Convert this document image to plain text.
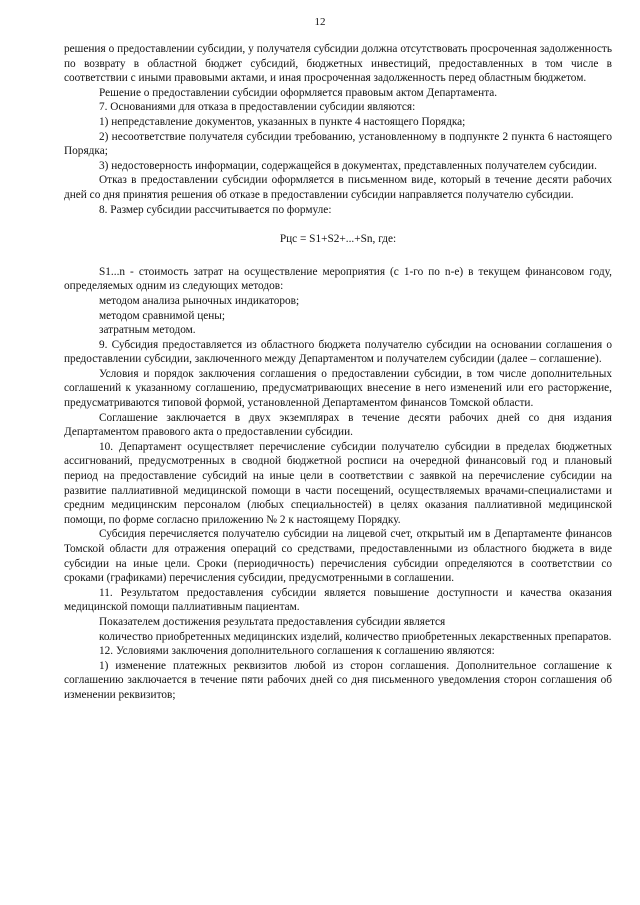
12

решения о предоставлении субсидии, у получателя субсидии должна отсутствовать просроченная задолженность по возврату в областной бюджет субсидий, бюджетных инвестиций, предоставленных в том числе в соответствии с иными правовыми актами, и иная просроченная задолженность перед областным бюджетом.

Решение о предоставлении субсидии оформляется правовым актом Департамента.

7. Основаниями для отказа в предоставлении субсидии являются:

1) непредставление документов, указанных в пункте 4 настоящего Порядка;

2) несоответствие получателя субсидии требованию, установленному в подпункте 2 пункта 6 настоящего Порядка;

3) недостоверность информации, содержащейся в документах, представленных получателем субсидии.

Отказ в предоставлении субсидии оформляется в письменном виде, который в течение десяти рабочих дней со дня принятия решения об отказе в предоставлении субсидии направляется получателю субсидии.

8. Размер субсидии рассчитывается по формуле:

Рцс = S1+S2+...+Sn, где:

S1...n - стоимость затрат на осуществление мероприятия (с 1-го по n-е) в текущем финансовом году, определяемых одним из следующих методов:

методом анализа рыночных индикаторов;

методом сравнимой цены;

затратным методом.

9. Субсидия предоставляется из областного бюджета получателю субсидии на основании соглашения о предоставлении субсидии, заключенного между Департаментом и получателем субсидии (далее – соглашение).

Условия и порядок заключения соглашения о предоставлении субсидии, в том числе дополнительных соглашений к указанному соглашению, предусматривающих внесение в него изменений или его расторжение, предусматриваются типовой формой, установленной Департаментом финансов Томской области.

Соглашение заключается в двух экземплярах в течение десяти рабочих дней со дня издания Департаментом правового акта о предоставлении субсидии.

10. Департамент осуществляет перечисление субсидии получателю субсидии в пределах бюджетных ассигнований, предусмотренных в сводной бюджетной росписи на очередной финансовый год и плановый период на предоставление субсидий на иные цели в соответствии с заявкой на перечисление субсидии на развитие паллиативной медицинской помощи в части посещений, осуществляемых врачами-специалистами и средним медицинским персоналом (любых специальностей) в целях оказания паллиативной медицинской помощи, по форме согласно приложению № 2 к настоящему Порядку.

Субсидия перечисляется получателю субсидии на лицевой счет, открытый им в Департаменте финансов Томской области для отражения операций со средствами, предоставленными из областного бюджета в виде субсидии на иные цели. Сроки (периодичность) перечисления субсидии определяются в соответствии со сроками (графиками) перечисления субсидии, предусмотренными в соглашении.

11. Результатом предоставления субсидии является повышение доступности и качества оказания медицинской помощи паллиативным пациентам.

Показателем достижения результата предоставления субсидии является

количество приобретенных медицинских изделий, количество приобретенных лекарственных препаратов.

12. Условиями заключения дополнительного соглашения к соглашению являются:

1) изменение платежных реквизитов любой из сторон соглашения. Дополнительное соглашение к соглашению заключается в течение пяти рабочих дней со дня письменного уведомления сторон соглашения об изменении реквизитов;
